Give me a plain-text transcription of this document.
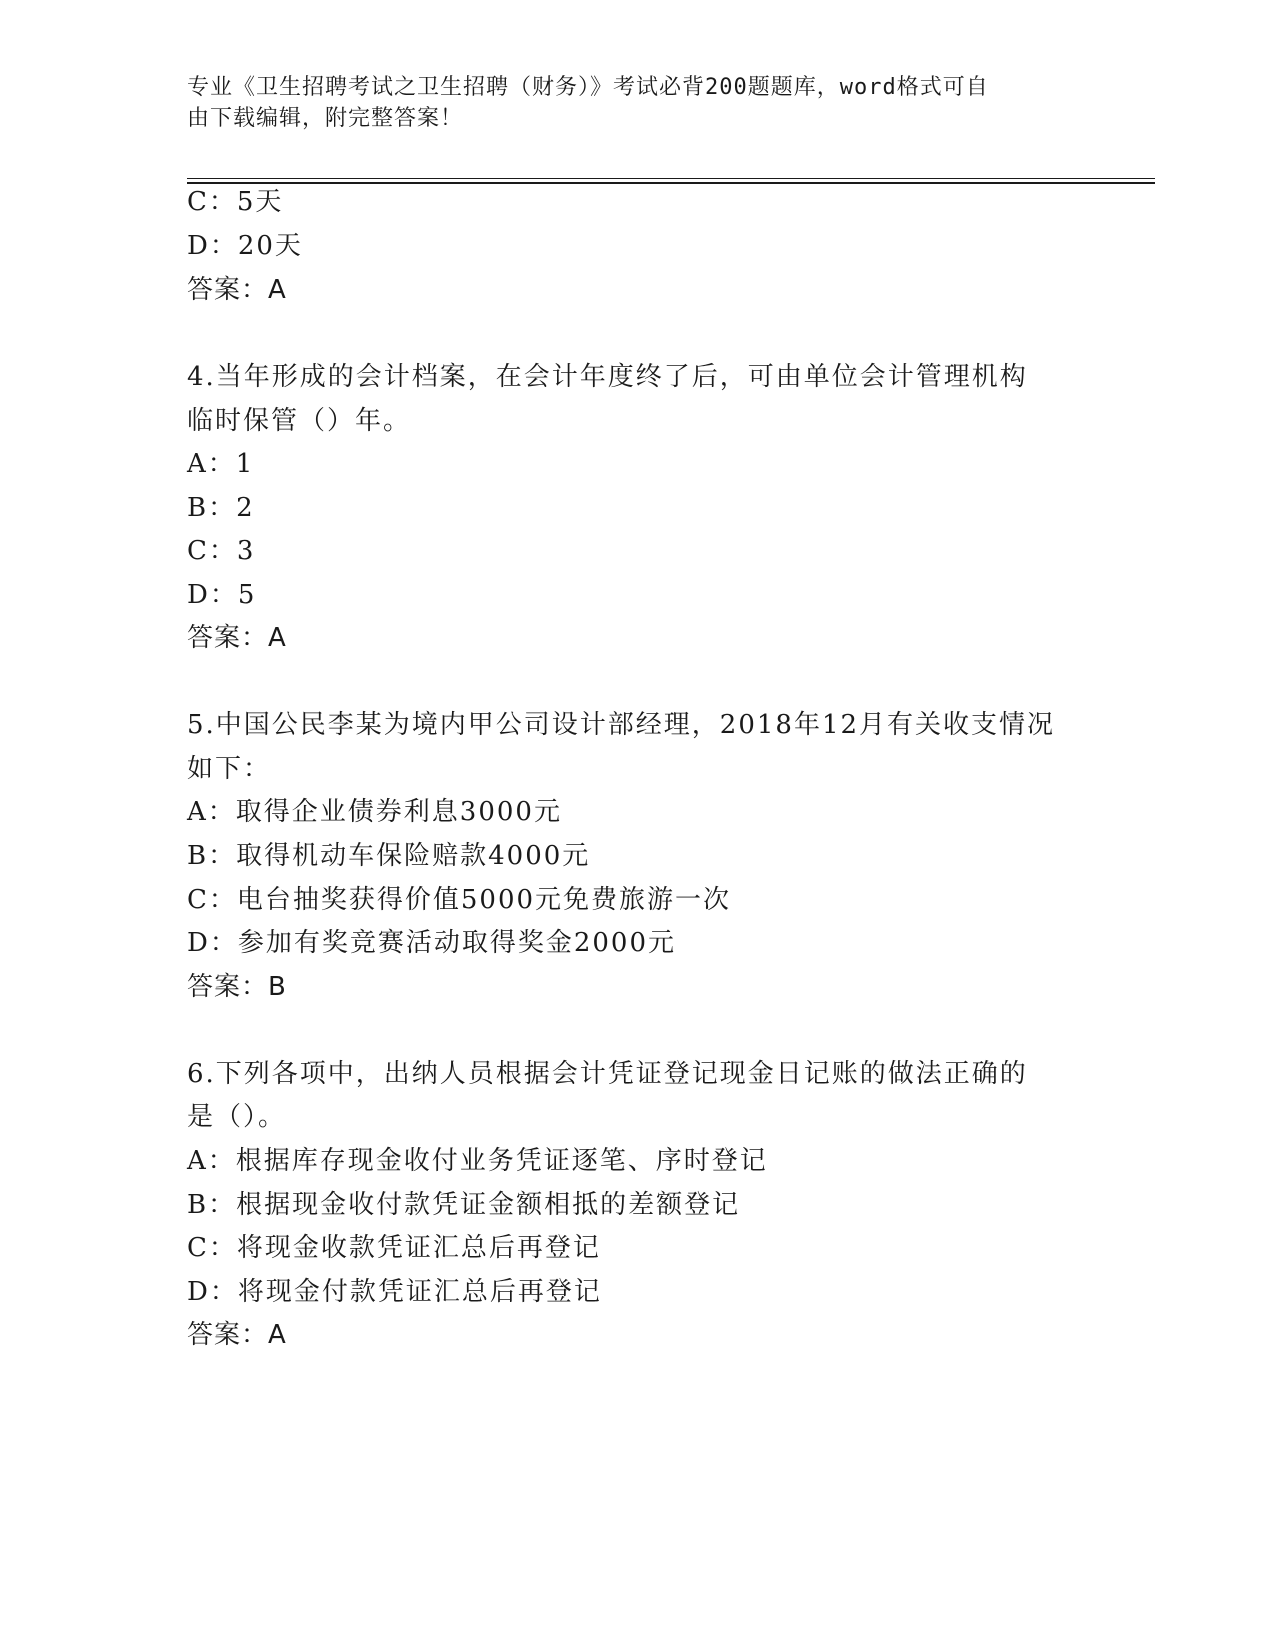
专业《卫生招聘考试之卫生招聘（财务）》考试必背200题题库，word格式可自
由下载编辑，附完整答案！
C：5天
D：20天
答案：A
4.当年形成的会计档案，在会计年度终了后，可由单位会计管理机构
临时保管（）年。
A：1
B：2
C：3
D：5
答案：A
5.中国公民李某为境内甲公司设计部经理，2018年12月有关收支情况
如下：
A：取得企业债券利息3000元
B：取得机动车保险赔款4000元
C：电台抽奖获得价值5000元免费旅游一次
D：参加有奖竞赛活动取得奖金2000元
答案：B
6.下列各项中，出纳人员根据会计凭证登记现金日记账的做法正确的
是（）。
A：根据库存现金收付业务凭证逐笔、序时登记
B：根据现金收付款凭证金额相抵的差额登记
C：将现金收款凭证汇总后再登记
D：将现金付款凭证汇总后再登记
答案：A
